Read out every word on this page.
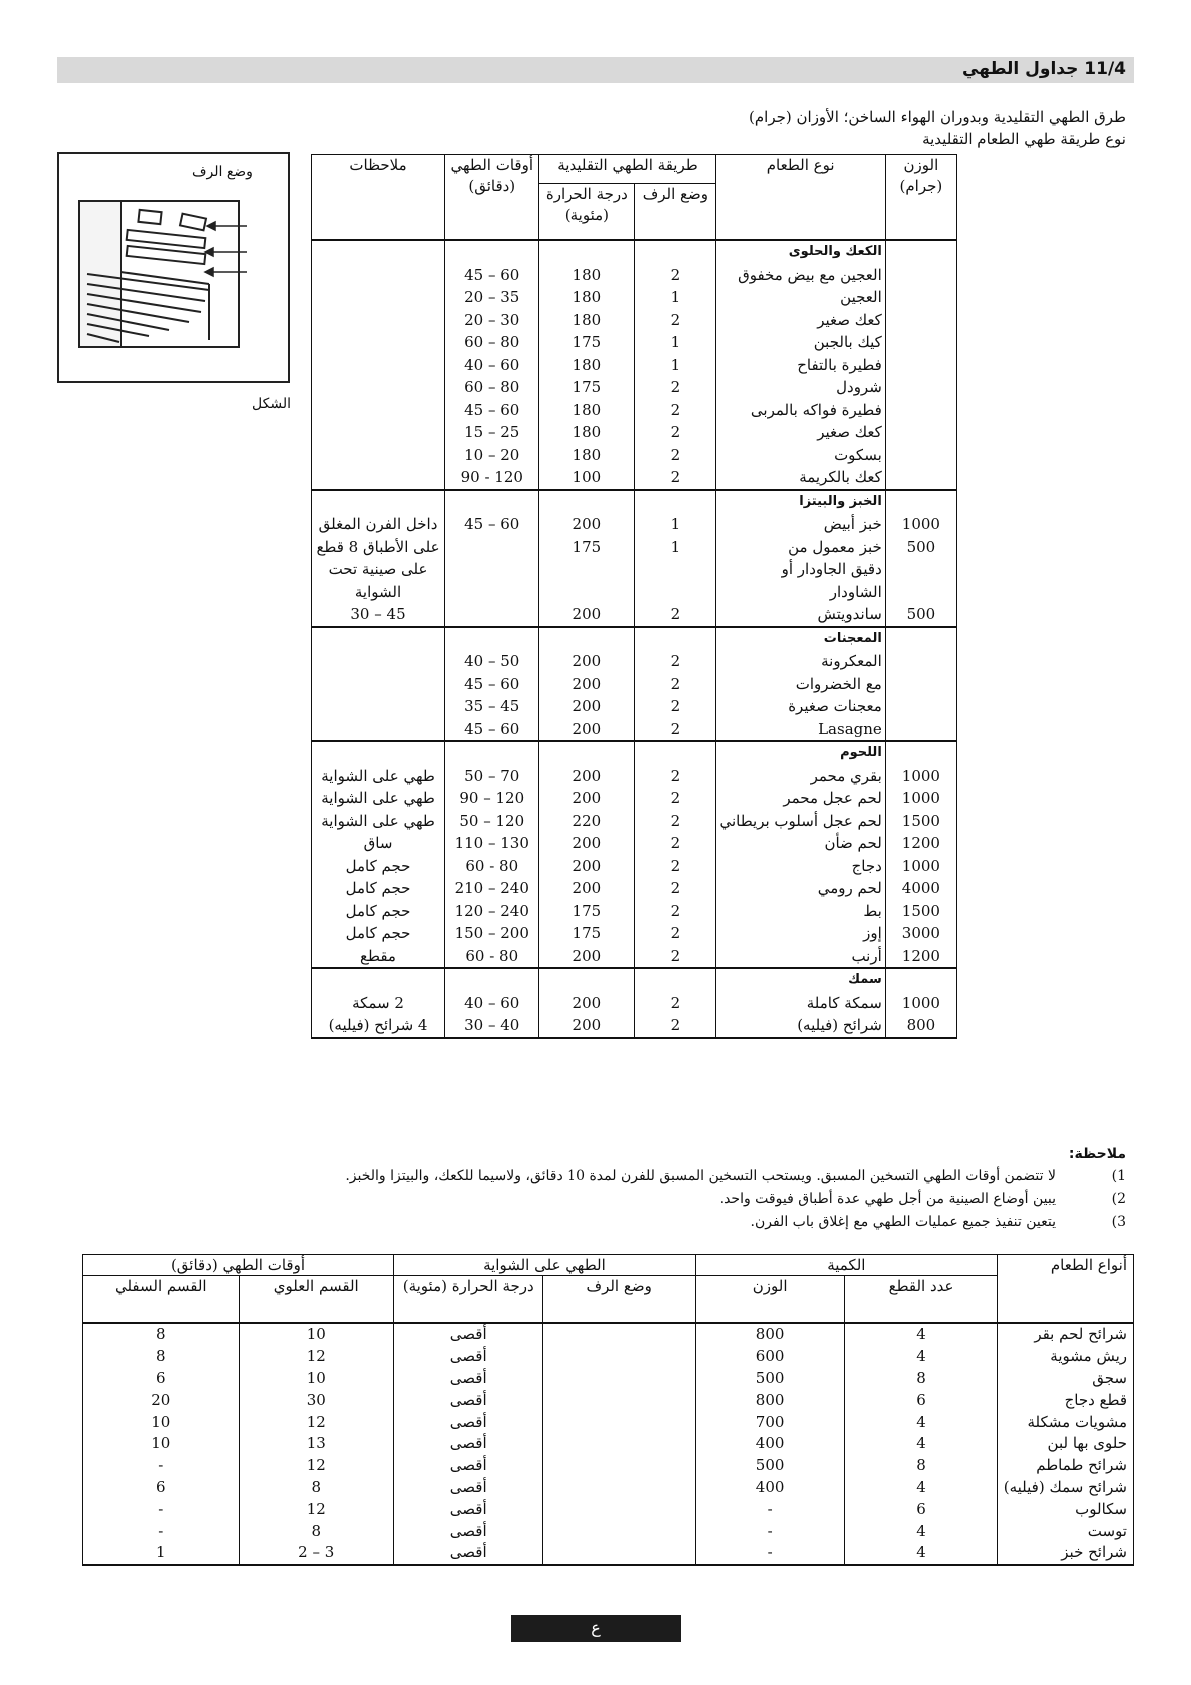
11/4 جداول الطهي
طرق الطهي التقليدية وبدوران الهواء الساخن؛ الأوزان (جرام)
نوع طريقة طهي الطعام التقليدية
وضع الرف
الشكل
الوزن (جرام)	نوع الطعام	طريقة الطهي التقليدية		أوقات الطهي (دقائق)	ملاحظات
		وضع الرف	درجة الحرارة (مئوية)		
	الكعك والحلوى				
	العجين مع بيض مخفوق	2	180	60 – 45	
	العجين	1	180	35 – 20	
	كعك صغير	2	180	30 – 20	
	كيك بالجبن	1	175	80 – 60	
	فطيرة بالتفاح	1	180	60 – 40	
	شرودل	2	175	80 – 60	
	فطيرة فواكه بالمربى	2	180	60 – 45	
	كعك صغير	2	180	25 – 15	
	بسكوت	2	180	20 – 10	
	كعك بالكريمة	2	100	120 - 90	
	الخبز والبيتزا				
1000	خبز أبيض	1	200	60 – 45	داخل الفرن المغلق
500	خبز معمول من	1	175		على الأطباق 8 قطع
	دقيق الجاودار أو				على صينية تحت
	الشاودار				الشواية
500	ساندويتش	2	200		45 – 30
	المعجنات				
	المعكرونة	2	200	50 – 40	
	مع الخضروات	2	200	60 – 45	
	معجنات صغيرة	2	200	45 – 35	
	Lasagne	2	200	60 – 45	
	اللحوم				
1000	بقري محمر	2	200	70 – 50	طهي على الشواية
1000	لحم عجل محمر	2	200	120 – 90	طهي على الشواية
1500	لحم عجل أسلوب بريطاني	2	220	120 – 50	طهي على الشواية
1200	لحم ضأن	2	200	130 – 110	ساق
1000	دجاج	2	200	80 - 60	حجم كامل
4000	لحم رومي	2	200	240 – 210	حجم كامل
1500	بط	2	175	240 – 120	حجم كامل
3000	إوز	2	175	200 – 150	حجم كامل
1200	أرنب	2	200	80 - 60	مقطع
	سمك				
1000	سمكة كاملة	2	200	60 – 40	2 سمكة
800	شرائح (فيليه)	2	200	40 – 30	4 شرائح (فيليه)
ملاحظة:
1)لا تتضمن أوقات الطهي التسخين المسبق. ويستحب التسخين المسبق للفرن لمدة 10 دقائق، ولاسيما للكعك، والبيتزا والخبز.
2)يبين أوضاع الصينية من أجل طهي عدة أطباق فيوقت واحد.
3)يتعين تنفيذ جميع عمليات الطهي مع إغلاق باب الفرن.
أنواع الطعام	الكمية		الطهي على الشواية		أوقات الطهي (دقائق)	
	عدد القطع	الوزن	وضع الرف	درجة الحرارة (مئوية)	القسم العلوي	القسم السفلي
شرائح لحم بقر	4	800		أقصى	10	8
ريش مشوية	4	600		أقصى	12	8
سجق	8	500		أقصى	10	6
قطع دجاج	6	800		أقصى	30	20
مشويات مشكلة	4	700		أقصى	12	10
حلوى بها لبن	4	400		أقصى	13	10
شرائح طماطم	8	500		أقصى	12	-
شرائح سمك (فيليه)	4	400		أقصى	8	6
سكالوب	6	-		أقصى	12	-
توست	4	-		أقصى	8	-
شرائح خبز	4	-		أقصى	3 – 2	1
ع
